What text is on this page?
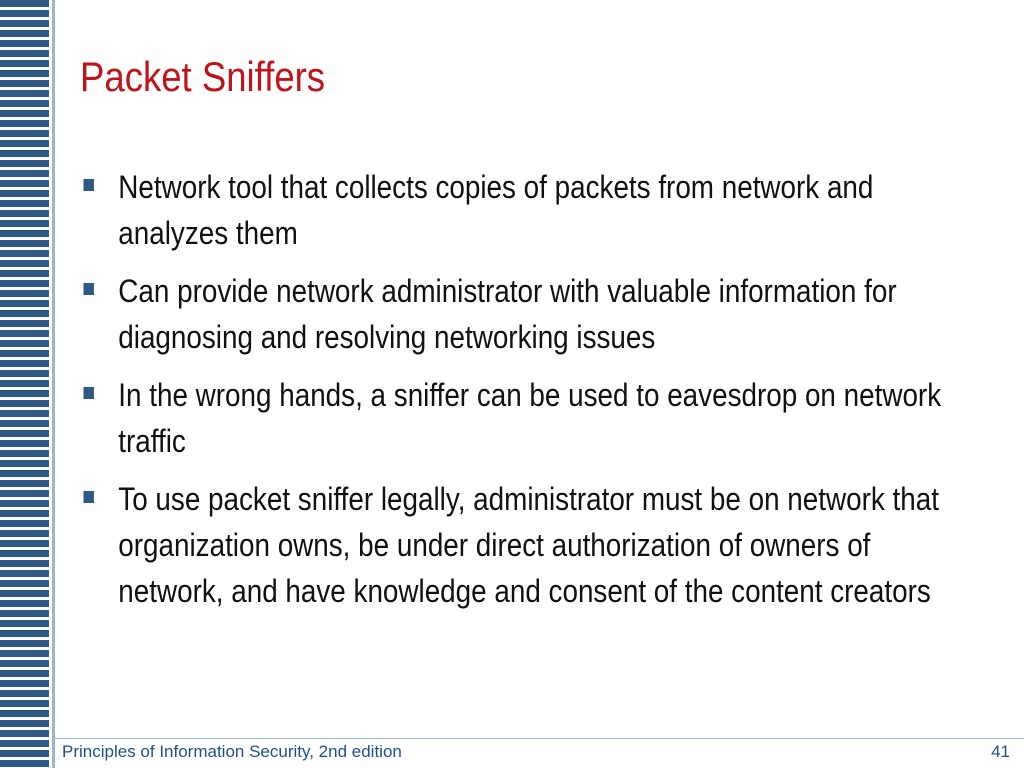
Packet Sniffers
Network tool that collects copies of packets from network and analyzes them
Can provide network administrator with valuable information for diagnosing and resolving networking issues
In the wrong hands, a sniffer can be used to eavesdrop on network traffic
To use packet sniffer legally, administrator must be on network that organization owns, be under direct authorization of owners of network, and have knowledge and consent of the content creators
Principles of Information Security, 2nd edition	41
